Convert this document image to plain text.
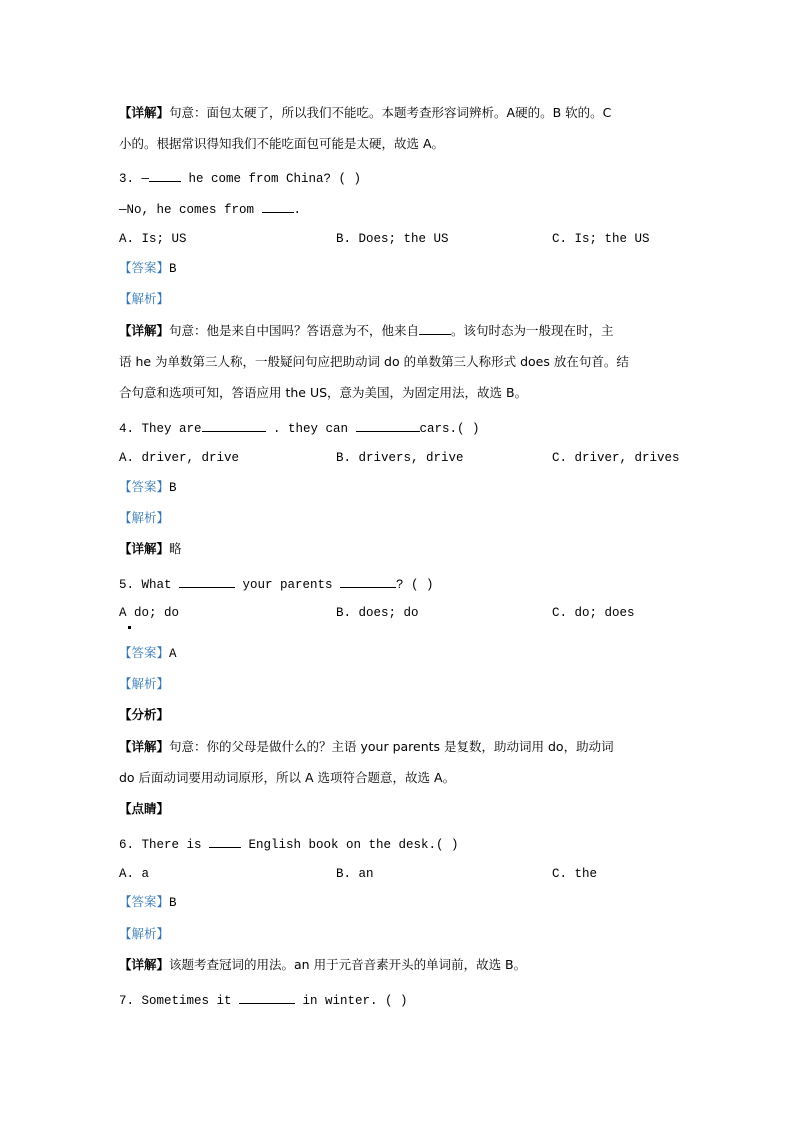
【详解】句意：面包太硬了，所以我们不能吃。本题考查形容词辨析。A硬的。B 软的。C
小的。根据常识得知我们不能吃面包可能是太硬，故选 A。
3. —	he come from China? ( )
—No, he comes from	.
A. Is; US	B. Does; the US	C. Is; the US
【答案】B
【解析】
【详解】句意：他是来自中国吗？答语意为不，他来自	。该句时态为一般现在时，主
语 he 为单数第三人称，一般疑问句应把助动词 do 的单数第三人称形式 does 放在句首。结
合句意和选项可知，答语应用 the US，意为美国，为固定用法，故选 B。
4. They are	. they can	cars.( )
A. driver, drive	B. drivers, drive	C. driver, drives
【答案】B
【解析】
【详解】略
5. What	your parents	? ( )
A do; do	B. does; do	C. do; does
【答案】A
【解析】
【分析】
【详解】句意：你的父母是做什么的？主语 your parents 是复数，助动词用 do，助动词
do 后面动词要用动词原形，所以 A 选项符合题意，故选 A。
【点睛】
6. There is	English book on the desk.( )
A. a	B. an	C. the
【答案】B
【解析】
【详解】该题考查冠词的用法。an 用于元音音素开头的单词前，故选 B。
7. Sometimes it	in winter. ( )
